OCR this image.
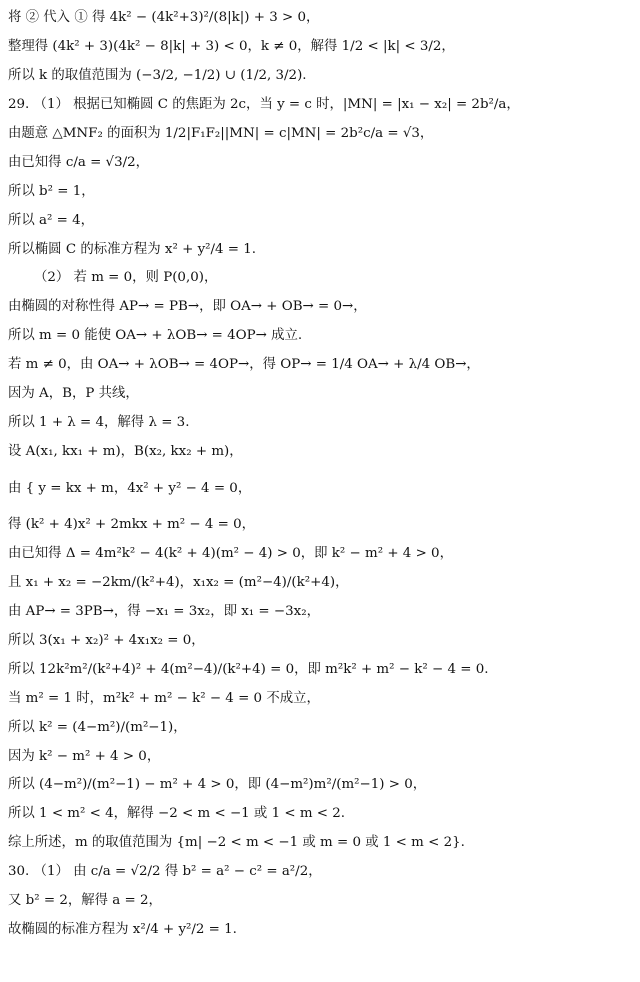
将 ② 代入 ① 得 4k² − (4k²+3)²/(8|k|) + 3 > 0，
整理得 (4k² + 3)(4k² − 8|k| + 3) < 0，k ≠ 0，解得 1/2 < |k| < 3/2，
所以 k 的取值范围为 (−3/2, −1/2) ∪ (1/2, 3/2).
29. （1） 根据已知椭圆 C 的焦距为 2c，当 y = c 时，|MN| = |x₁ − x₂| = 2b²/a，
由题意 △MNF₂ 的面积为 1/2|F₁F₂||MN| = c|MN| = 2b²c/a = √3，
由已知得 c/a = √3/2，
所以 b² = 1，
所以 a² = 4，
所以椭圆 C 的标准方程为 x² + y²/4 = 1.
（2） 若 m = 0，则 P(0,0)，
由椭圆的对称性得 AP→ = PB→，即 OA→ + OB→ = 0→，
所以 m = 0 能使 OA→ + λOB→ = 4OP→ 成立.
若 m ≠ 0，由 OA→ + λOB→ = 4OP→，得 OP→ = 1/4 OA→ + λ/4 OB→，
因为 A，B，P 共线，
所以 1 + λ = 4，解得 λ = 3.
设 A(x₁, kx₁ + m)，B(x₂, kx₂ + m)，
由 { y = kx + m，4x² + y² − 4 = 0，
得 (k² + 4)x² + 2mkx + m² − 4 = 0，
由已知得 Δ = 4m²k² − 4(k² + 4)(m² − 4) > 0，即 k² − m² + 4 > 0，
且 x₁ + x₂ = −2km/(k²+4)，x₁x₂ = (m²−4)/(k²+4)，
由 AP→ = 3PB→，得 −x₁ = 3x₂，即 x₁ = −3x₂，
所以 3(x₁ + x₂)² + 4x₁x₂ = 0，
所以 12k²m²/(k²+4)² + 4(m²−4)/(k²+4) = 0，即 m²k² + m² − k² − 4 = 0.
当 m² = 1 时，m²k² + m² − k² − 4 = 0 不成立，
所以 k² = (4−m²)/(m²−1)，
因为 k² − m² + 4 > 0，
所以 (4−m²)/(m²−1) − m² + 4 > 0，即 (4−m²)m²/(m²−1) > 0，
所以 1 < m² < 4，解得 −2 < m < −1 或 1 < m < 2.
综上所述，m 的取值范围为 {m| −2 < m < −1 或 m = 0 或 1 < m < 2}.
30. （1） 由 c/a = √2/2 得 b² = a² − c² = a²/2，
又 b² = 2，解得 a = 2，
故椭圆的标准方程为 x²/4 + y²/2 = 1.
